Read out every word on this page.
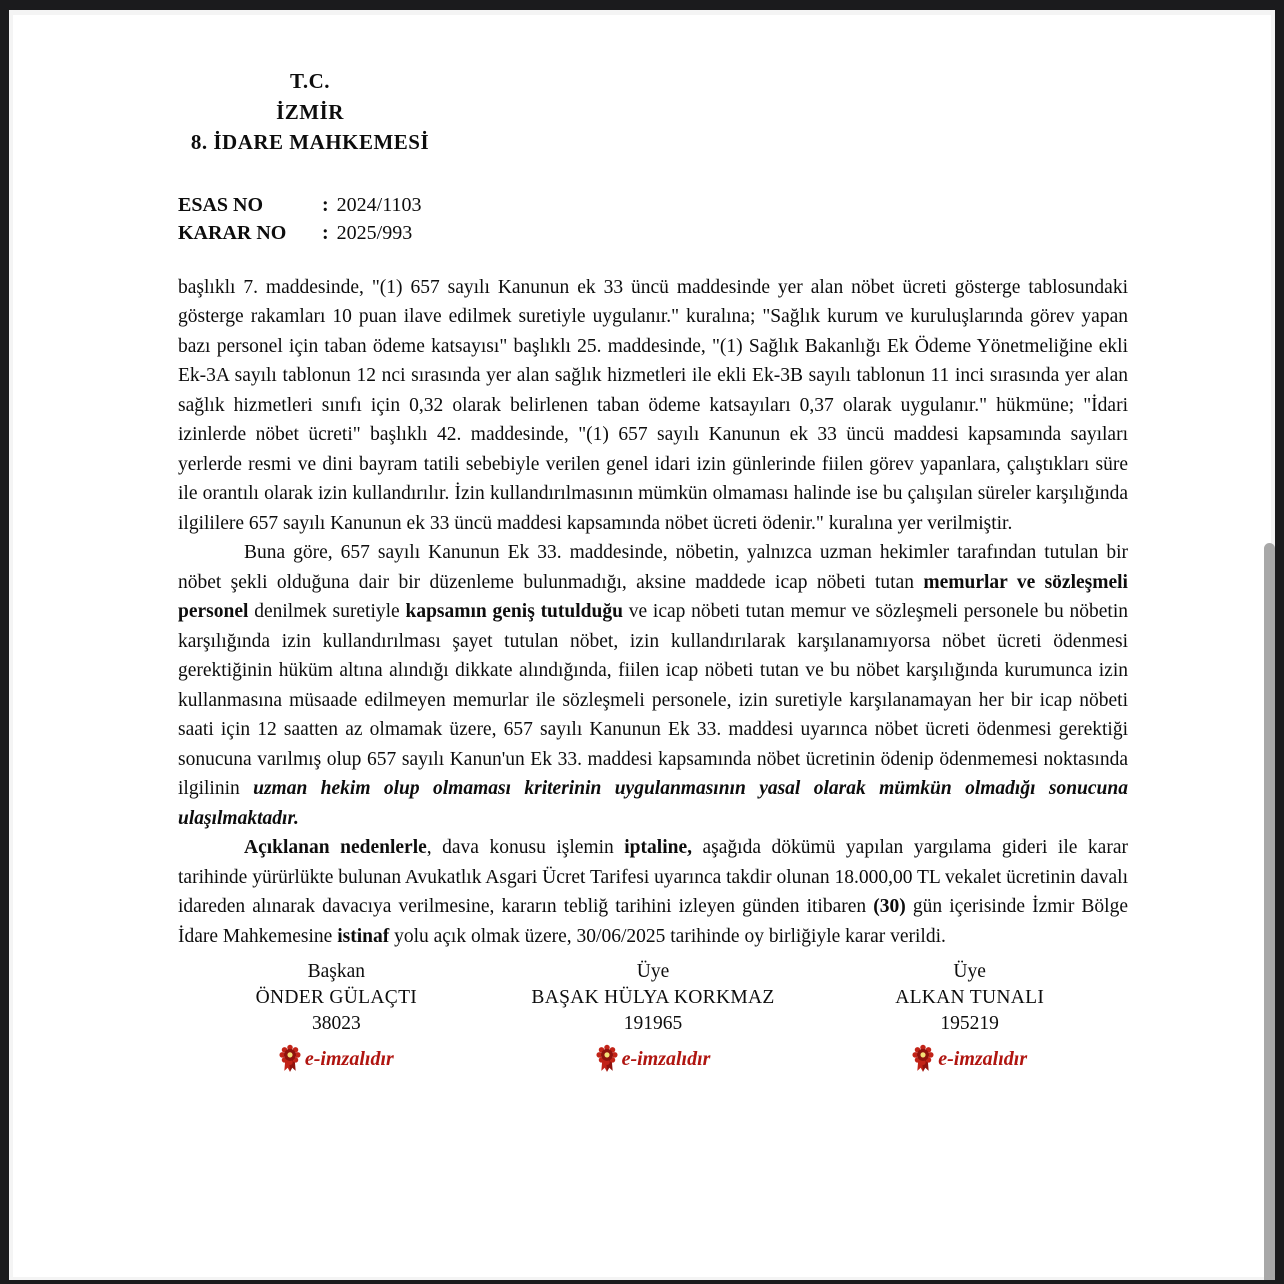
T.C.
İZMİR
8. İDARE MAHKEMESİ
ESAS NO	: 2024/1103
KARAR NO : 2025/993

başlıklı 7. maddesinde, "(1) 657 sayılı Kanunun ek 33 üncü maddesinde yer alan nöbet ücreti gösterge tablosundaki gösterge rakamları 10 puan ilave edilmek suretiyle uygulanır." kuralına; "Sağlık kurum ve kuruluşlarında görev yapan bazı personel için taban ödeme katsayısı" başlıklı 25. maddesinde, "(1) Sağlık Bakanlığı Ek Ödeme Yönetmeliğine ekli Ek-3A sayılı tablonun 12 nci sırasında yer alan sağlık hizmetleri ile ekli Ek-3B sayılı tablonun 11 inci sırasında yer alan sağlık hizmetleri sınıfı için 0,32 olarak belirlenen taban ödeme katsayıları 0,37 olarak uygulanır." hükmüne; "İdari izinlerde nöbet ücreti" başlıklı 42. maddesinde, "(1) 657 sayılı Kanunun ek 33 üncü maddesi kapsamında sayıları yerlerde resmi ve dini bayram tatili sebebiyle verilen genel idari izin günlerinde fiilen görev yapanlara, çalıştıkları süre ile orantılı olarak izin kullandırılır. İzin kullandırılmasının mümkün olmaması halinde ise bu çalışılan süreler karşılığında ilgililere 657 sayılı Kanunun ek 33 üncü maddesi kapsamında nöbet ücreti ödenir." kuralına yer verilmiştir.

Buna göre, 657 sayılı Kanunun Ek 33. maddesinde, nöbetin, yalnızca uzman hekimler tarafından tutulan bir nöbet şekli olduğuna dair bir düzenleme bulunmadığı, aksine maddede icap nöbeti tutan memurlar ve sözleşmeli personel denilmek suretiyle kapsamın geniş tutulduğu ve icap nöbeti tutan memur ve sözleşmeli personele bu nöbetin karşılığında izin kullandırılması şayet tutulan nöbet, izin kullandırılarak karşılanamıyorsa nöbet ücreti ödenmesi gerektiğinin hüküm altına alındığı dikkate alındığında, fiilen icap nöbeti tutan ve bu nöbet karşılığında kurumunca izin kullanmasına müsaade edilmeyen memurlar ile sözleşmeli personele, izin suretiyle karşılanamayan her bir icap nöbeti saati için 12 saatten az olmamak üzere, 657 sayılı Kanunun Ek 33. maddesi uyarınca nöbet ücreti ödenmesi gerektiği sonucuna varılmış olup 657 sayılı Kanun'un Ek 33. maddesi kapsamında nöbet ücretinin ödenip ödenmemesi noktasında ilgilinin uzman hekim olup olmaması kriterinin uygulanmasının yasal olarak mümkün olmadığı sonucuna ulaşılmaktadır.

Açıklanan nedenlerle, dava konusu işlemin iptaline, aşağıda dökümü yapılan yargılama gideri ile karar tarihinde yürürlükte bulunan Avukatlık Asgari Ücret Tarifesi uyarınca takdir olunan 18.000,00 TL vekalet ücretinin davalı idareden alınarak davacıya verilmesine, kararın tebliğ tarihini izleyen günden itibaren (30) gün içerisinde İzmir Bölge İdare Mahkemesine istinaf yolu açık olmak üzere, 30/06/2025 tarihinde oy birliğiyle karar verildi.

Başkan
ÖNDER GÜLAÇTI
38023
e-imzalıdır
Üye
BAŞAK HÜLYA KORKMAZ
191965
e-imzalıdır
Üye
ALKAN TUNALI
195219
e-imzalıdır
